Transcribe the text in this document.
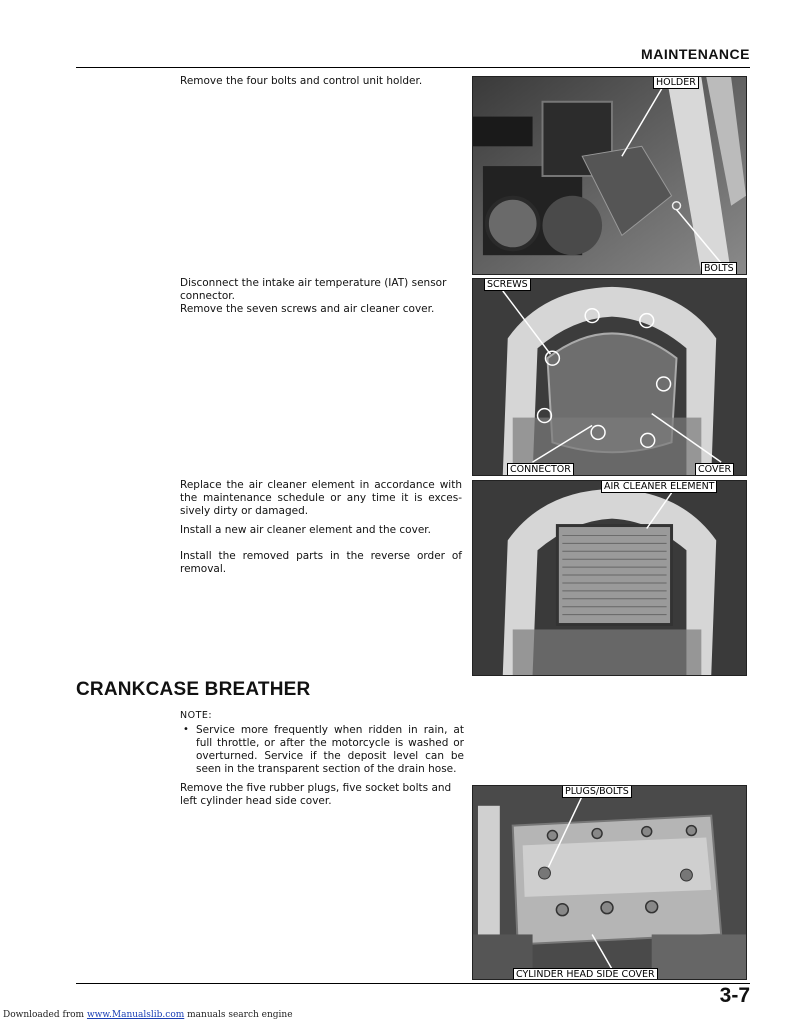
MAINTENANCE
Remove the four bolts and control unit holder.
Disconnect the intake air temperature (IAT) sensor connector.
Remove the seven screws and air cleaner cover.
Replace the air cleaner element in accordance with the maintenance schedule or any time it is exces-sively dirty or damaged.
Install a new air cleaner element and the cover.
Install the removed parts in the reverse order of removal.
HOLDER
BOLTS
SCREWS
CONNECTOR	COVER
AIR CLEANER ELEMENT
CRANKCASE BREATHER
NOTE:
• Service more frequently when ridden in rain, at full throttle, or after the motorcycle is washed or overturned. Service if the deposit level can be seen in the transparent section of the drain hose.
Remove the five rubber plugs, five socket bolts and left cylinder head side cover.
PLUGS/BOLTS
CYLINDER HEAD SIDE COVER
3-7
Downloaded from www.Manualslib.com manuals search engine
